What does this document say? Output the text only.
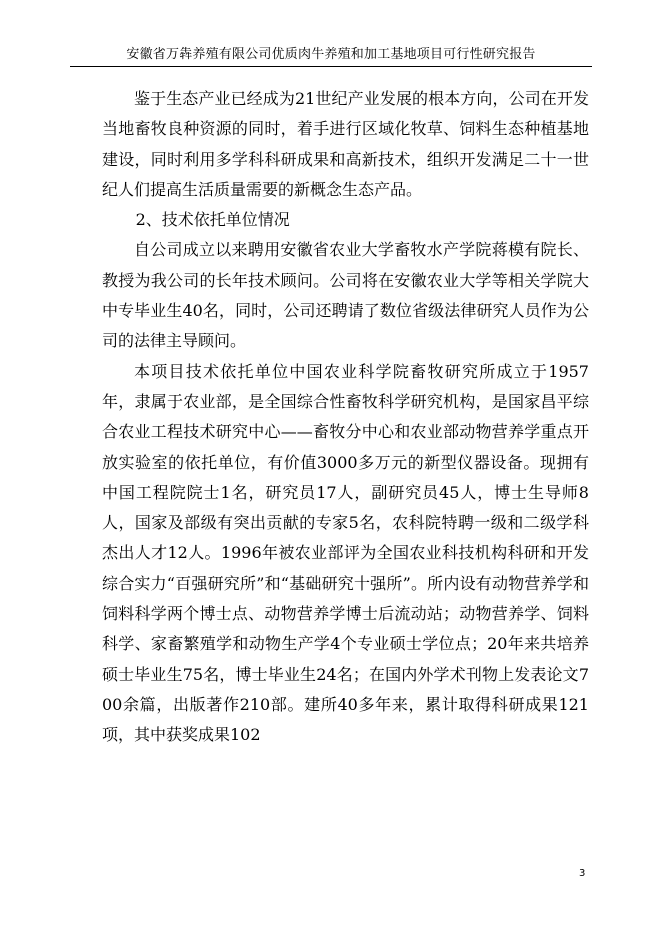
安徽省万犇养殖有限公司优质肉牛养殖和加工基地项目可行性研究报告

鉴于生态产业已经成为21世纪产业发展的根本方向，公司在开发当地畜牧良种资源的同时，着手进行区域化牧草、饲料生态种植基地建设，同时利用多学科科研成果和高新技术，组织开发满足二十一世纪人们提高生活质量需要的新概念生态产品。

2、技术依托单位情况

自公司成立以来聘用安徽省农业大学畜牧水产学院蒋模有院长、教授为我公司的长年技术顾问。公司将在安徽农业大学等相关学院大中专毕业生40名，同时，公司还聘请了数位省级法律研究人员作为公司的法律主导顾问。

本项目技术依托单位中国农业科学院畜牧研究所成立于1957年，隶属于农业部，是全国综合性畜牧科学研究机构，是国家昌平综合农业工程技术研究中心——畜牧分中心和农业部动物营养学重点开放实验室的依托单位，有价值3000多万元的新型仪器设备。现拥有中国工程院院士1名，研究员17人，副研究员45人，博士生导师8人，国家及部级有突出贡献的专家5名，农科院特聘一级和二级学科杰出人才12人。1996年被农业部评为全国农业科技机构科研和开发综合实力“百强研究所”和“基础研究十强所”。所内设有动物营养学和饲料科学两个博士点、动物营养学博士后流动站；动物营养学、饲料科学、家畜繁殖学和动物生产学4个专业硕士学位点；20年来共培养硕士毕业生75名，博士毕业生24名；在国内外学术刊物上发表论文700余篇，出版著作210部。建所40多年来，累计取得科研成果121项，其中获奖成果102

3
